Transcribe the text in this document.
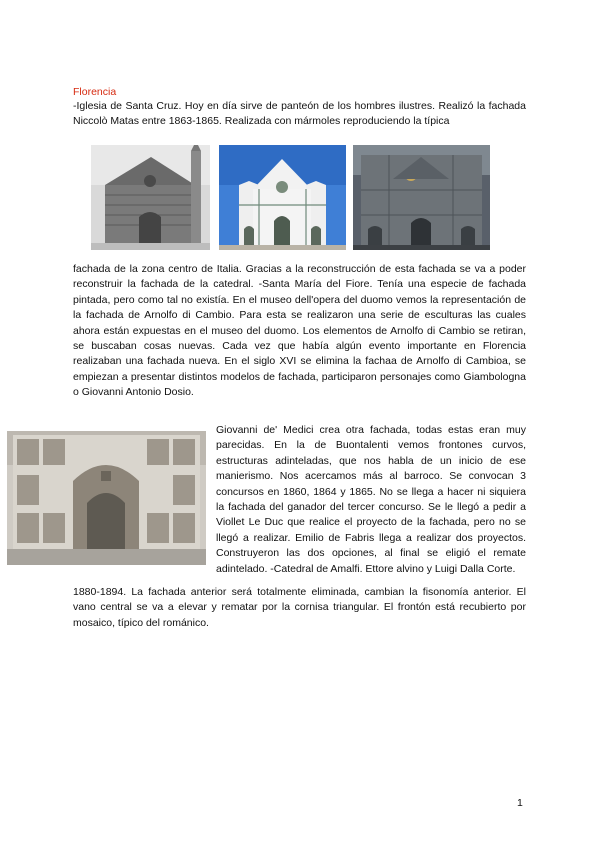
Florencia
-Iglesia de Santa Cruz. Hoy en día sirve de panteón de los hombres ilustres. Realizó la fachada Niccolò Matas entre 1863-1865. Realizada con mármoles reproduciendo la típica
fachada de la zona centro de Italia. Gracias a la reconstrucción de esta fachada se va a poder reconstruir la fachada de la catedral. -Santa María del Fiore. Tenía una especie de fachada pintada, pero como tal no existía. En el museo dell'opera del duomo vemos la representación de la fachada de Arnolfo di Cambio. Para esta se realizaron una serie de esculturas las cuales ahora están expuestas en el museo del duomo. Los elementos de Arnolfo di Cambio se retiran, se buscaban cosas nuevas. Cada vez que había algún evento importante en Florencia realizaban una fachada nueva. En el siglo XVI se elimina la fachaa de Arnolfo di Cambioa, se empiezan a presentar distintos modelos de fachada, participaron personajes como Giambologna o Giovanni Antonio Dosio.
Giovanni de' Medici crea otra fachada, todas estas eran muy parecidas. En la de Buontalenti vemos frontones curvos, estructuras adinteladas, que nos habla de un inicio de ese manierismo. Nos acercamos más al barroco. Se convocan 3 concursos en 1860, 1864 y 1865. No se llega a hacer ni siquiera la fachada del ganador del tercer concurso. Se le llegó a pedir a Viollet Le Duc que realice el proyecto de la fachada, pero no se llegó a realizar. Emilio de Fabris llega a realizar dos proyectos. Construyeron las dos opciones, al final se eligió el remate adintelado. -Catedral de Amalfi. Ettore alvino y Luigi Dalla Corte.
1880-1894. La fachada anterior será totalmente eliminada, cambian la fisonomía anterior. El vano central se va a elevar y rematar por la cornisa triangular. El frontón está recubierto por mosaico, típico del románico.
1
